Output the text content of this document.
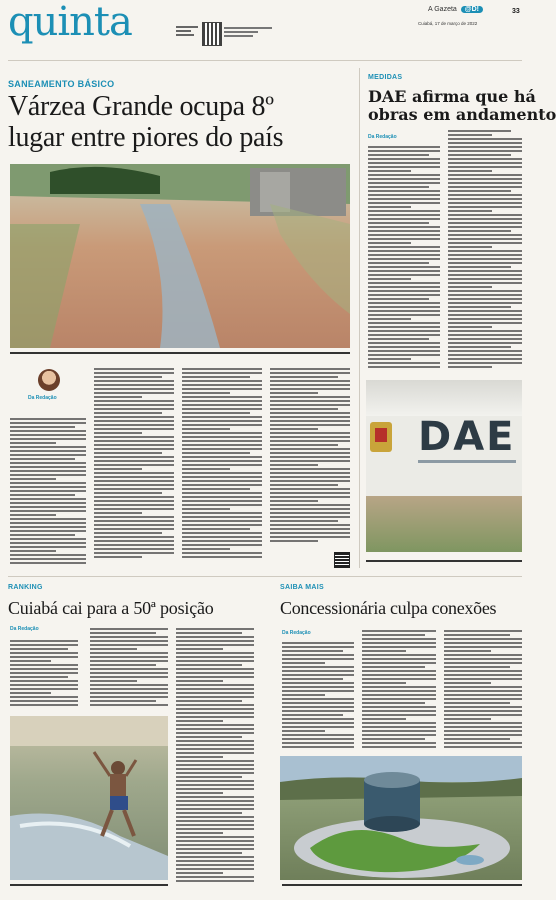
quinta	A Gazeta @D!	33
Cuiabá, 17 de março de 2022
SANEAMENTO BÁSICO
Várzea Grande ocupa 8º
lugar entre piores do país
Da Redação
MEDIDAS
DAE afirma que há
obras em andamento
Da Redação
DAE
RANKING
Cuiabá cai para a 50ª posição
Da Redação
SAIBA MAIS
Concessionária culpa conexões
Da Redação
